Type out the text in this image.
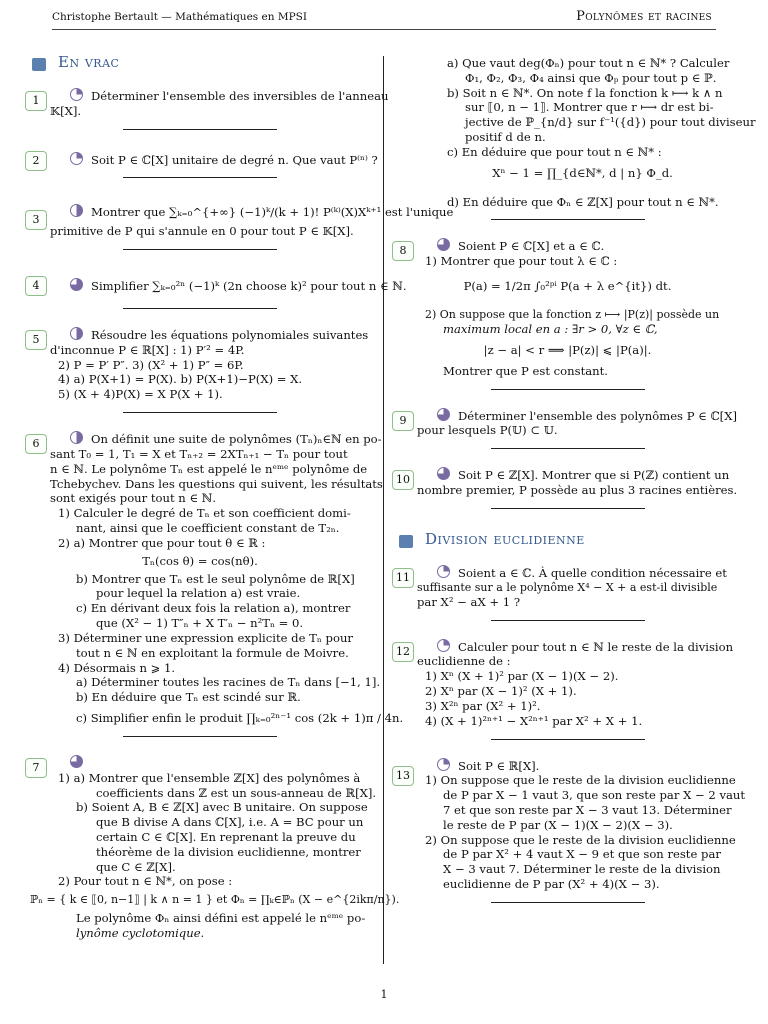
Christophe Bertault — Mathématiques en MPSI	Polynômes et racines
En vrac
1	Déterminer l'ensemble des inversibles de l'anneau
𝕂[X].
2	Soit P ∈ ℂ[X] unitaire de degré n. Que vaut P⁽ⁿ⁾ ?
3
Montrer que ∑ₖ₌₀^{+∞} (−1)ᵏ/(k + 1)! P⁽ᵏ⁾(X)Xᵏ⁺¹ est l'unique
primitive de P qui s'annule en 0 pour tout P ∈ 𝕂[X].
4	Simplifier ∑ₖ₌₀²ⁿ (−1)ᵏ (2n choose k)² pour tout n ∈ ℕ.
5	Résoudre les équations polynomiales suivantes
d'inconnue P ∈ ℝ[X] : 1) P′² = 4P.
2) P = P′ P″. 3) (X² + 1) P″ = 6P.
4) a) P(X+1) = P(X). b) P(X+1)−P(X) = X.
5) (X + 4)P(X) = X P(X + 1).
6	On définit une suite de polynômes (Tₙ)ₙ∈ℕ en po-
sant T₀ = 1, T₁ = X et Tₙ₊₂ = 2XTₙ₊₁ − Tₙ pour tout
n ∈ ℕ. Le polynôme Tₙ est appelé le nᵉᵐᵉ polynôme de
Tchebychev. Dans les questions qui suivent, les résultats
sont exigés pour tout n ∈ ℕ.
1) Calculer le degré de Tₙ et son coefficient domi-
nant, ainsi que le coefficient constant de T₂ₙ.
2) a) Montrer que pour tout θ ∈ ℝ :
Tₙ(cos θ) = cos(nθ).
b) Montrer que Tₙ est le seul polynôme de ℝ[X]
pour lequel la relation a) est vraie.
c) En dérivant deux fois la relation a), montrer
que (X² − 1) T″ₙ + X T′ₙ − n²Tₙ = 0.
3) Déterminer une expression explicite de Tₙ pour
tout n ∈ ℕ en exploitant la formule de Moivre.
4) Désormais n ⩾ 1.
a) Déterminer toutes les racines de Tₙ dans [−1, 1].
b) En déduire que Tₙ est scindé sur ℝ.
c) Simplifier enfin le produit ∏ₖ₌₀²ⁿ⁻¹ cos (2k + 1)π / 4n.
7
1) a) Montrer que l'ensemble ℤ[X] des polynômes à
coefficients dans ℤ est un sous-anneau de ℝ[X].
b) Soient A, B ∈ ℤ[X] avec B unitaire. On suppose
que B divise A dans ℂ[X], i.e. A = BC pour un
certain C ∈ ℂ[X]. En reprenant la preuve du
théorème de la division euclidienne, montrer
que C ∈ ℤ[X].
2) Pour tout n ∈ ℕ*, on pose :
ℙₙ = { k ∈ ⟦0, n−1⟧ | k ∧ n = 1 } et Φₙ = ∏ₖ∈ℙₙ (X − e^{2ikπ/n}).
Le polynôme Φₙ ainsi défini est appelé le nᵉᵐᵉ po-
lynôme cyclotomique.
a) Que vaut deg(Φₙ) pour tout n ∈ ℕ* ? Calculer
Φ₁, Φ₂, Φ₃, Φ₄ ainsi que Φₚ pour tout p ∈ ℙ.
b) Soit n ∈ ℕ*. On note f la fonction k ⟼ k ∧ n
sur ⟦0, n − 1⟧. Montrer que r ⟼ dr est bi-
jective de ℙ_{n/d} sur f⁻¹({d}) pour tout diviseur
positif d de n.
c) En déduire que pour tout n ∈ ℕ* :
Xⁿ − 1 = ∏_{d∈ℕ*, d | n} Φ_d.
d) En déduire que Φₙ ∈ ℤ[X] pour tout n ∈ ℕ*.
8	Soient P ∈ ℂ[X] et a ∈ ℂ.
1) Montrer que pour tout λ ∈ ℂ :
P(a) = 1/2π ∫₀²ᵖⁱ P(a + λ e^{it}) dt.
2) On suppose que la fonction z ⟼ |P(z)| possède un
maximum local en a : ∃r > 0, ∀z ∈ ℂ,
|z − a| < r ⟹ |P(z)| ⩽ |P(a)|.
Montrer que P est constant.
9	Déterminer l'ensemble des polynômes P ∈ ℂ[X]
pour lesquels P(𝕌) ⊂ 𝕌.
10	Soit P ∈ ℤ[X]. Montrer que si P(ℤ) contient un
nombre premier, P possède au plus 3 racines entières.
Division euclidienne
11	Soient a ∈ ℂ. À quelle condition nécessaire et
suffisante sur a le polynôme X⁴ − X + a est-il divisible
par X² − aX + 1 ?
12	Calculer pour tout n ∈ ℕ le reste de la division
euclidienne de :
1) Xⁿ (X + 1)² par (X − 1)(X − 2).
2) Xⁿ par (X − 1)² (X + 1).
3) X²ⁿ par (X² + 1)².
4) (X + 1)²ⁿ⁺¹ − X²ⁿ⁺¹ par X² + X + 1.
13
Soit P ∈ ℝ[X].
1) On suppose que le reste de la division euclidienne
de P par X − 1 vaut 3, que son reste par X − 2 vaut
7 et que son reste par X − 3 vaut 13. Déterminer
le reste de P par (X − 1)(X − 2)(X − 3).
2) On suppose que le reste de la division euclidienne
de P par X² + 4 vaut X − 9 et que son reste par
X − 3 vaut 7. Déterminer le reste de la division
euclidienne de P par (X² + 4)(X − 3).
1
